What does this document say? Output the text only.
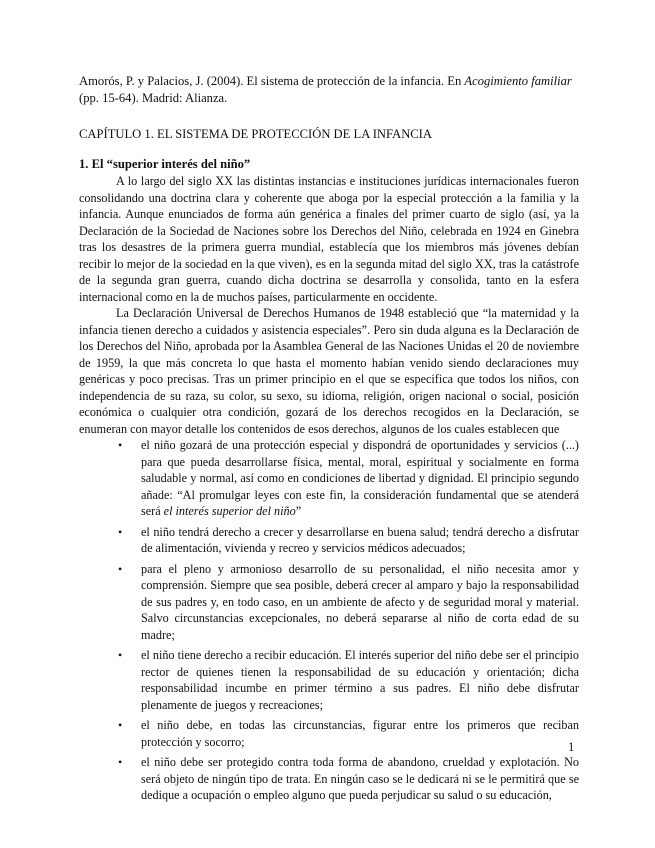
Amorós, P. y Palacios, J. (2004). El sistema de protección de la infancia. En Acogimiento familiar (pp. 15-64). Madrid: Alianza.

CAPÍTULO 1. EL SISTEMA DE PROTECCIÓN DE LA INFANCIA
1. El “superior interés del niño”

A lo largo del siglo XX las distintas instancias e instituciones jurídicas internacionales fueron consolidando una doctrina clara y coherente que aboga por la especial protección a la familia y la infancia. Aunque enunciados de forma aún genérica a finales del primer cuarto de siglo (así, ya la Declaración de la Sociedad de Naciones sobre los Derechos del Niño, celebrada en 1924 en Ginebra tras los desastres de la primera guerra mundial, establecía que los miembros más jóvenes debían recibir lo mejor de la sociedad en la que viven), es en la segunda mitad del siglo XX, tras la catástrofe de la segunda gran guerra, cuando dicha doctrina se desarrolla y consolida, tanto en la esfera internacional como en la de muchos países, particularmente en occidente.

La Declaración Universal de Derechos Humanos de 1948 estableció que “la maternidad y la infancia tienen derecho a cuidados y asistencia especiales”. Pero sin duda alguna es la Declaración de los Derechos del Niño, aprobada por la Asamblea General de las Naciones Unidas el 20 de noviembre de 1959, la que más concreta lo que hasta el momento habían venido siendo declaraciones muy genéricas y poco precisas. Tras un primer principio en el que se especifica que todos los niños, con independencia de su raza, su color, su sexo, su idioma, religión, origen nacional o social, posición económica o cualquier otra condición, gozará de los derechos recogidos en la Declaración, se enumeran con mayor detalle los contenidos de esos derechos, algunos de los cuales establecen que

• el niño gozará de una protección especial y dispondrá de oportunidades y servicios (...) para que pueda desarrollarse física, mental, moral, espiritual y socialmente en forma saludable y normal, así como en condiciones de libertad y dignidad. El principio segundo añade: “Al promulgar leyes con este fin, la consideración fundamental que se atenderá será el interés superior del niño”
• el niño tendrá derecho a crecer y desarrollarse en buena salud; tendrá derecho a disfrutar de alimentación, vivienda y recreo y servicios médicos adecuados;
• para el pleno y armonioso desarrollo de su personalidad, el niño necesita amor y comprensión. Siempre que sea posible, deberá crecer al amparo y bajo la responsabilidad de sus padres y, en todo caso, en un ambiente de afecto y de seguridad moral y material. Salvo circunstancias excepcionales, no deberá separarse al niño de corta edad de su madre;
• el niño tiene derecho a recibir educación. El interés superior del niño debe ser el principio rector de quienes tienen la responsabilidad de su educación y orientación; dicha responsabilidad incumbe en primer término a sus padres. El niño debe disfrutar plenamente de juegos y recreaciones;
• el niño debe, en todas las circunstancias, figurar entre los primeros que reciban protección y socorro;
• el niño debe ser protegido contra toda forma de abandono, crueldad y explotación. No será objeto de ningún tipo de trata. En ningún caso se le dedicará ni se le permitirá que se dedique a ocupación o empleo alguno que pueda perjudicar su salud o su educación,
1
